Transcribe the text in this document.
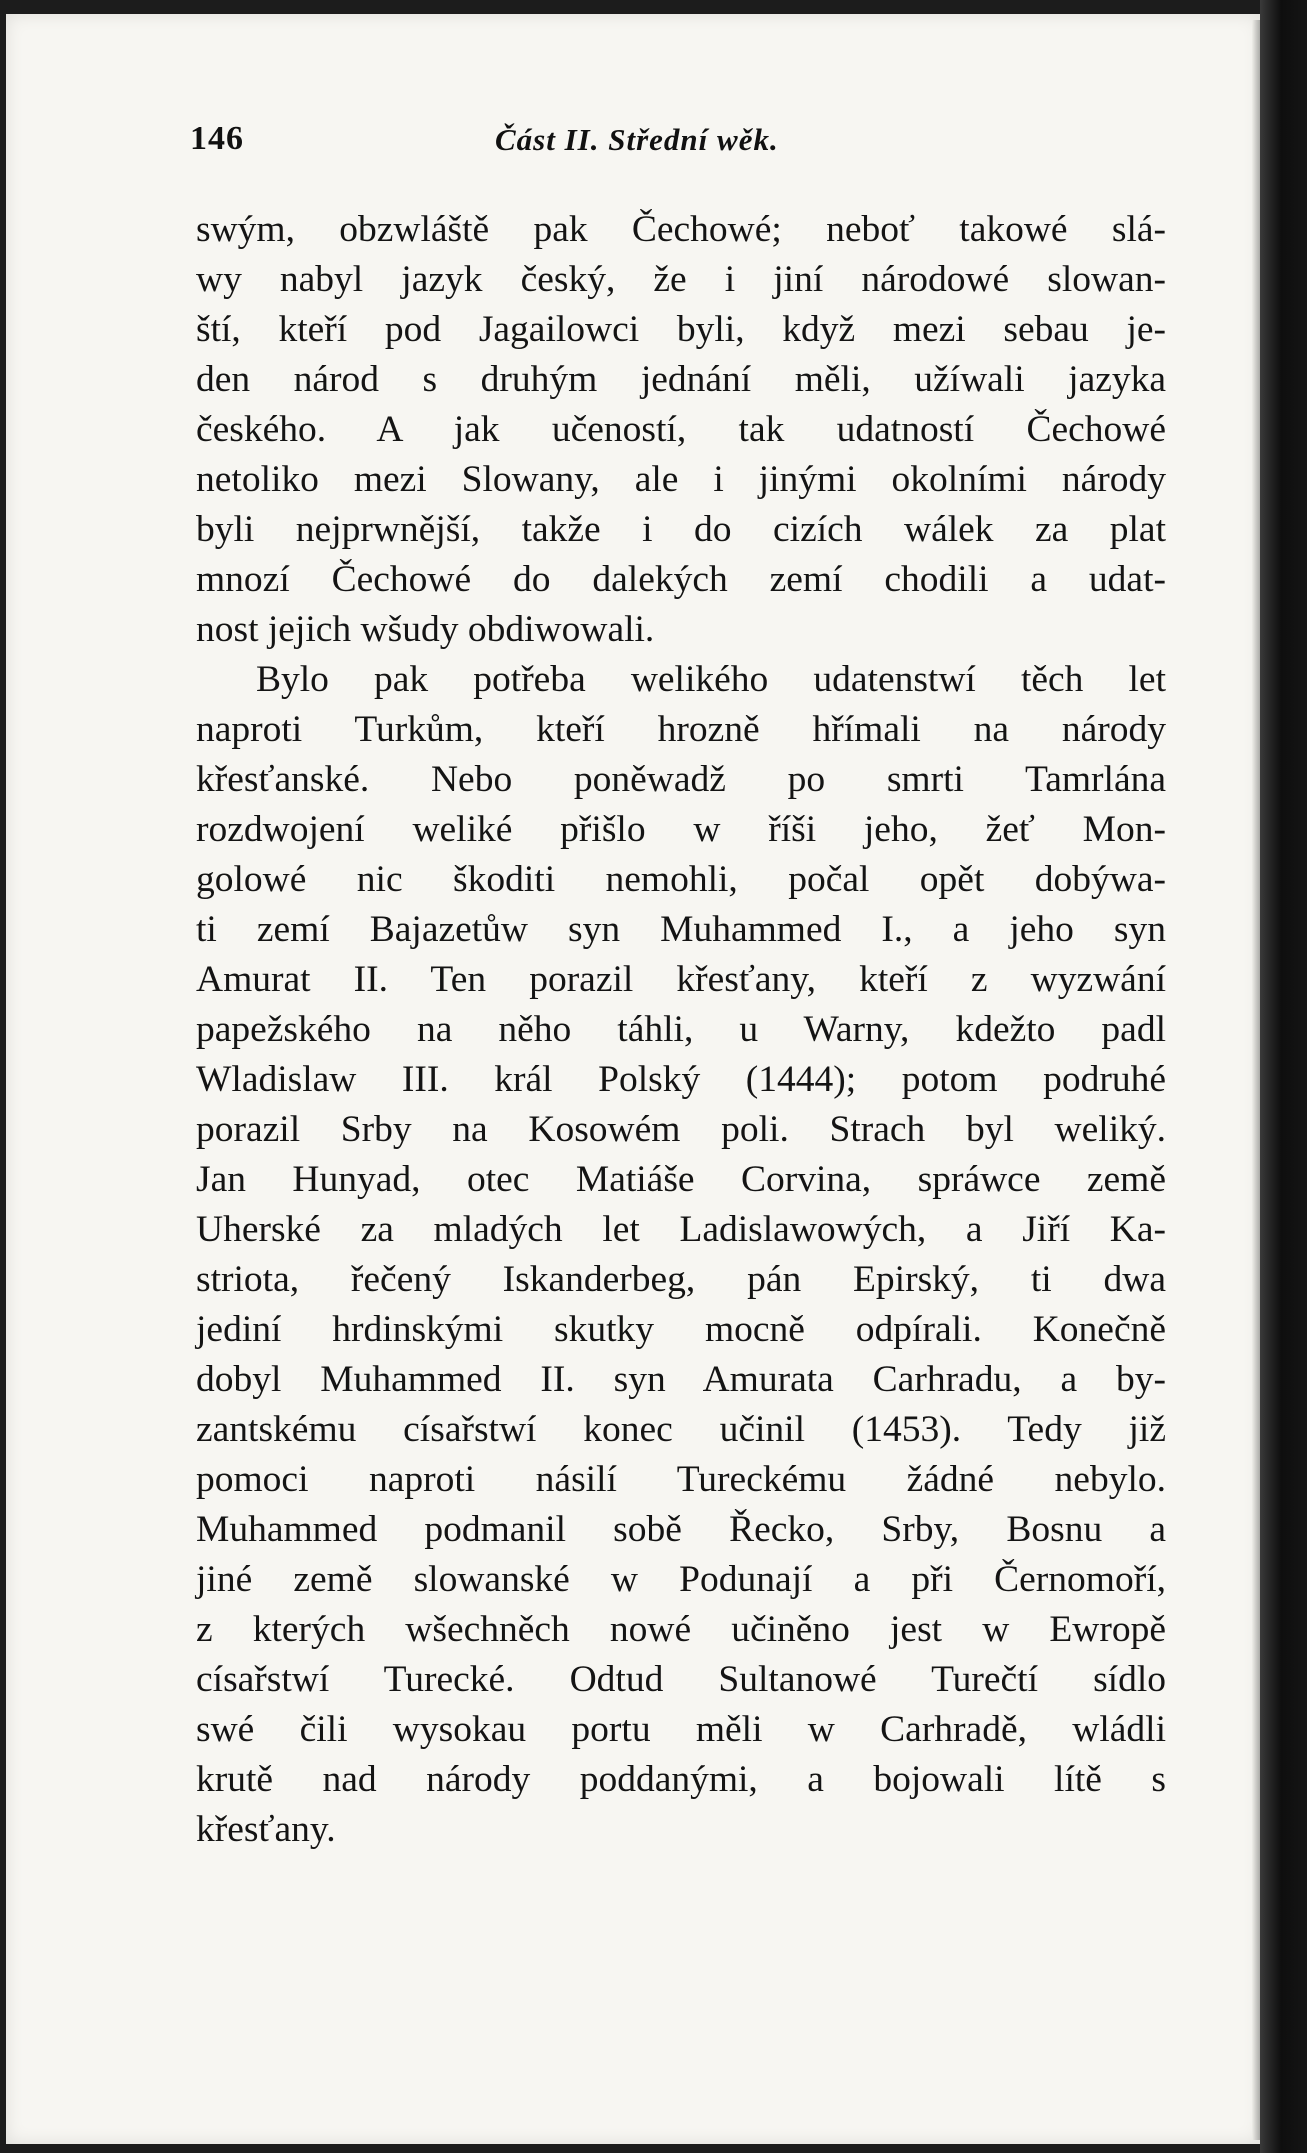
146	Část II. Střední wěk.
swým, obzwláště pak Čechowé; neboť takowé slá-
wy nabyl jazyk český, že i jiní národowé slowan-
ští, kteří pod Jagailowci byli, když mezi sebau je-
den národ s druhým jednání měli, užíwali jazyka
českého. A jak učeností, tak udatností Čechowé
netoliko mezi Slowany, ale i jinými okolními národy
byli nejprwnější, takže i do cizích wálek za plat
mnozí Čechowé do dalekých zemí chodili a udat-
nost jejich wšudy obdiwowali.
Bylo pak potřeba welikého udatenstwí těch let
naproti Turkům, kteří hrozně hřímali na národy
křesťanské. Nebo poněwadž po smrti Tamrlána
rozdwojení weliké přišlo w říši jeho, žeť Mon-
golowé nic škoditi nemohli, počal opět dobýwa-
ti zemí Bajazetůw syn Muhammed I., a jeho syn
Amurat II. Ten porazil křesťany, kteří z wyzwání
papežského na něho táhli, u Warny, kdežto padl
Wladislaw III. král Polský (1444); potom podruhé
porazil Srby na Kosowém poli. Strach byl weliký.
Jan Hunyad, otec Matiáše Corvina, spráwce země
Uherské za mladých let Ladislawowých, a Jiří Ka-
striota, řečený Iskanderbeg, pán Epirský, ti dwa
jediní hrdinskými skutky mocně odpírali. Konečně
dobyl Muhammed II. syn Amurata Carhradu, a by-
zantskému císařstwí konec učinil (1453). Tedy již
pomoci naproti násilí Tureckému žádné nebylo.
Muhammed podmanil sobě Řecko, Srby, Bosnu a
jiné země slowanské w Podunají a při Černomoří,
z kterých wšechněch nowé učiněno jest w Ewropě
císařstwí Turecké. Odtud Sultanowé Turečtí sídlo
swé čili wysokau portu měli w Carhradě, wládli
krutě nad národy poddanými, a bojowali lítě s
křesťany.
